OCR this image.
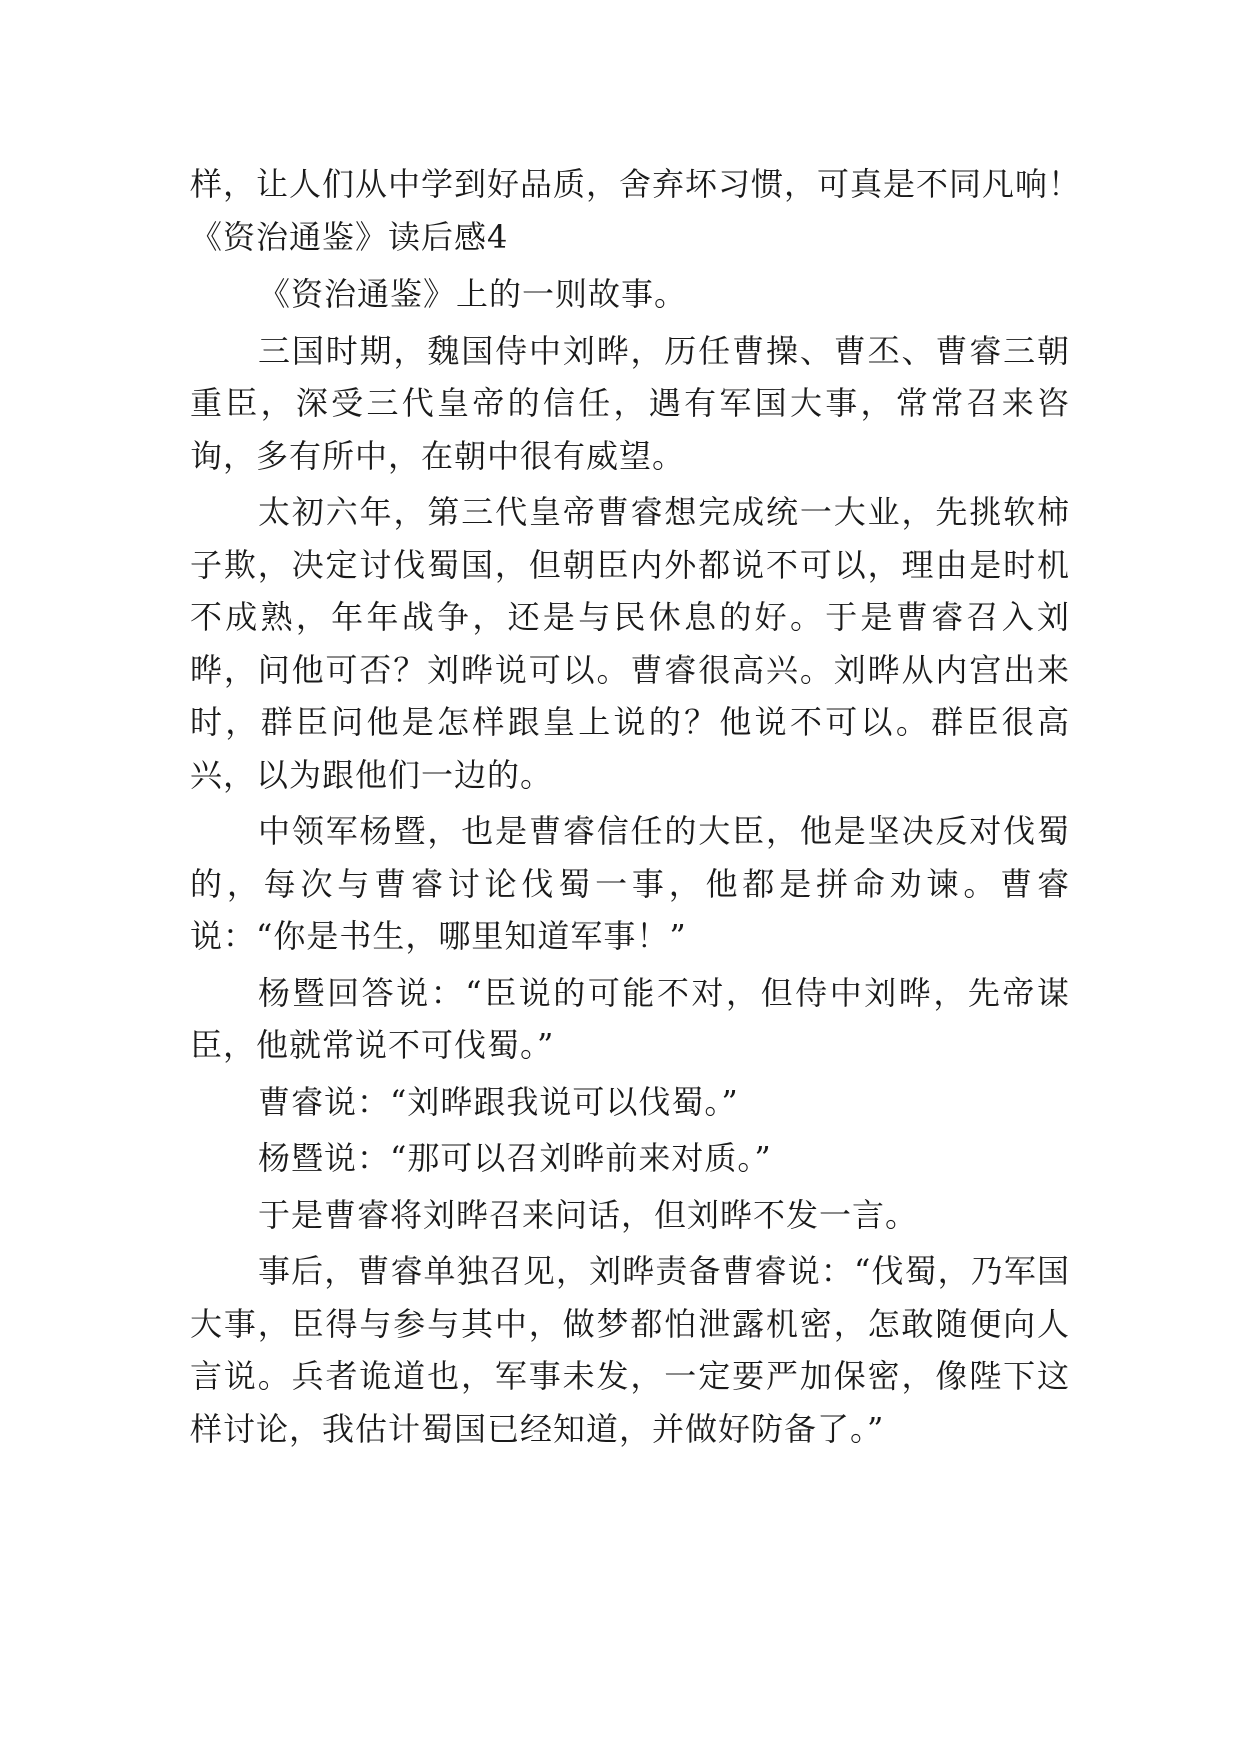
样，让人们从中学到好品质，舍弃坏习惯，可真是不同凡响！

《资治通鉴》读后感4

《资治通鉴》上的一则故事。

三国时期，魏国侍中刘晔，历任曹操、曹丕、曹睿三朝重臣，深受三代皇帝的信任，遇有军国大事，常常召来咨询，多有所中，在朝中很有威望。

太初六年，第三代皇帝曹睿想完成统一大业，先挑软柿子欺，决定讨伐蜀国，但朝臣内外都说不可以，理由是时机不成熟，年年战争，还是与民休息的好。于是曹睿召入刘晔，问他可否？刘晔说可以。曹睿很高兴。刘晔从内宫出来时，群臣问他是怎样跟皇上说的？他说不可以。群臣很高兴，以为跟他们一边的。

中领军杨暨，也是曹睿信任的大臣，他是坚决反对伐蜀的，每次与曹睿讨论伐蜀一事，他都是拼命劝谏。曹睿说：“你是书生，哪里知道军事！”

杨暨回答说：“臣说的可能不对，但侍中刘晔，先帝谋臣，他就常说不可伐蜀。”

曹睿说：“刘晔跟我说可以伐蜀。”

杨暨说：“那可以召刘晔前来对质。”

于是曹睿将刘晔召来问话，但刘晔不发一言。

事后，曹睿单独召见，刘晔责备曹睿说：“伐蜀，乃军国大事，臣得与参与其中，做梦都怕泄露机密，怎敢随便向人言说。兵者诡道也，军事未发，一定要严加保密，像陛下这样讨论，我估计蜀国已经知道，并做好防备了。”
